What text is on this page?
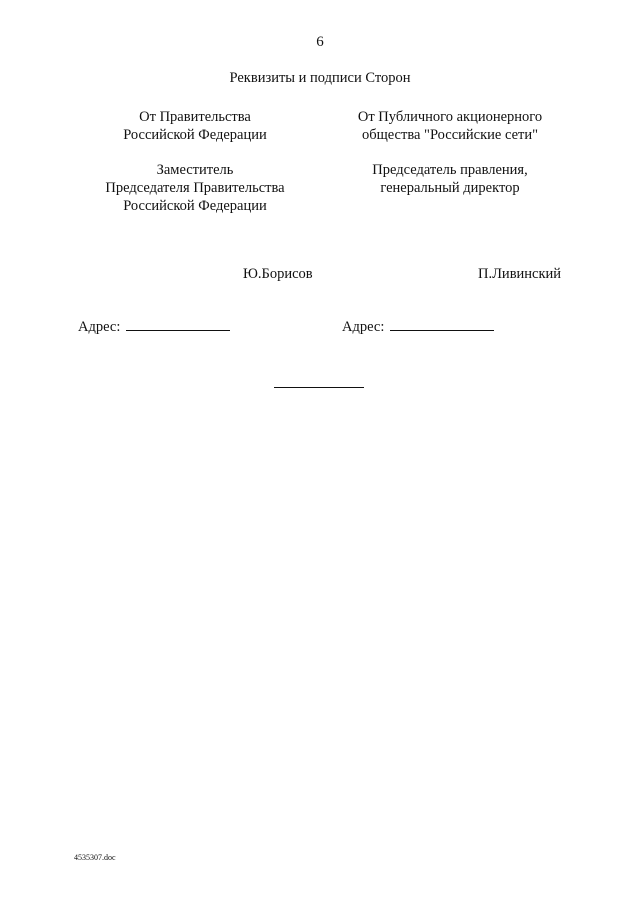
6
Реквизиты и подписи Сторон
От Правительства
Российской Федерации
Заместитель
Председателя Правительства
Российской Федерации
От Публичного акционерного
общества "Российские сети"
Председатель правления,
генеральный директор
Ю.Борисов	П.Ливинский
Адрес:	Адрес:
4535307.doc
